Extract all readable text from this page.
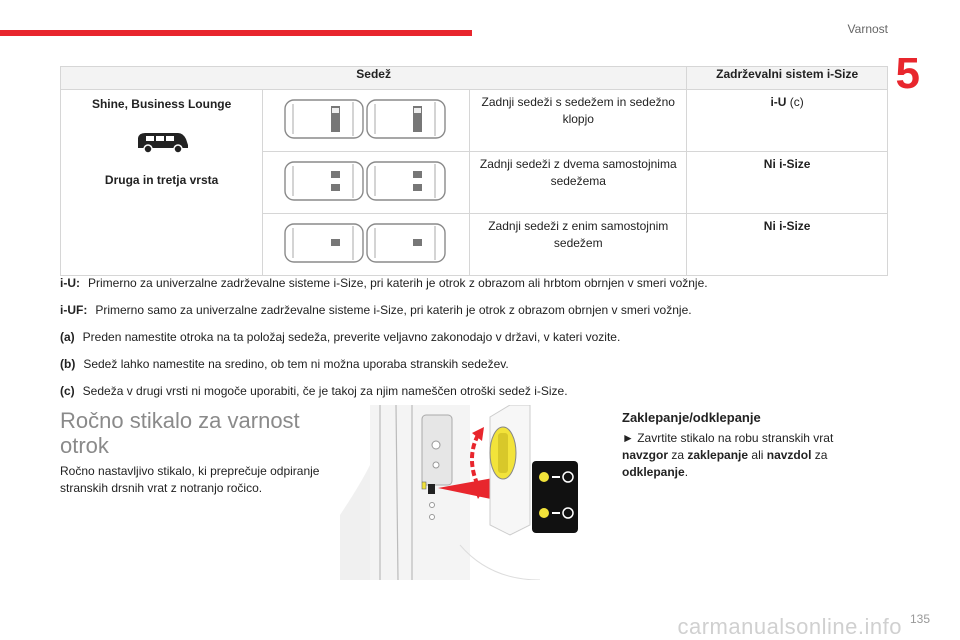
Varnost
5
Sedež			Zadrževalni sistem i-Size

Shine, Business Lounge
Druga in tretja vrsta		Zadnji sedeži s sedežem in sedežno klopjo	i-U (c)
	Zadnji sedeži z dvema samostojnima sedežema	Ni i-Size
	Zadnji sedeži z enim samostojnim sedežem	Ni i-Size
i-U: Primerno za univerzalne zadrževalne sisteme i-Size, pri katerih je otrok z obrazom ali hrbtom obrnjen v smeri vožnje.
i-UF: Primerno samo za univerzalne zadrževalne sisteme i-Size, pri katerih je otrok z obrazom obrnjen v smeri vožnje.
(a) Preden namestite otroka na ta položaj sedeža, preverite veljavno zakonodajo v državi, v kateri vozite.
(b) Sedež lahko namestite na sredino, ob tem ni možna uporaba stranskih sedežev.
(c) Sedeža v drugi vrsti ni mogoče uporabiti, če je takoj za njim nameščen otroški sedež i-Size.
Ročno stikalo za varnost otrok
Ročno nastavljivo stikalo, ki preprečuje odpiranje stranskih drsnih vrat z notranjo ročico.
Zaklepanje/odklepanje
► Zavrtite stikalo na robu stranskih vrat navzgor za zaklepanje ali navzdol za odklepanje.
carmanualsonline.info 135
